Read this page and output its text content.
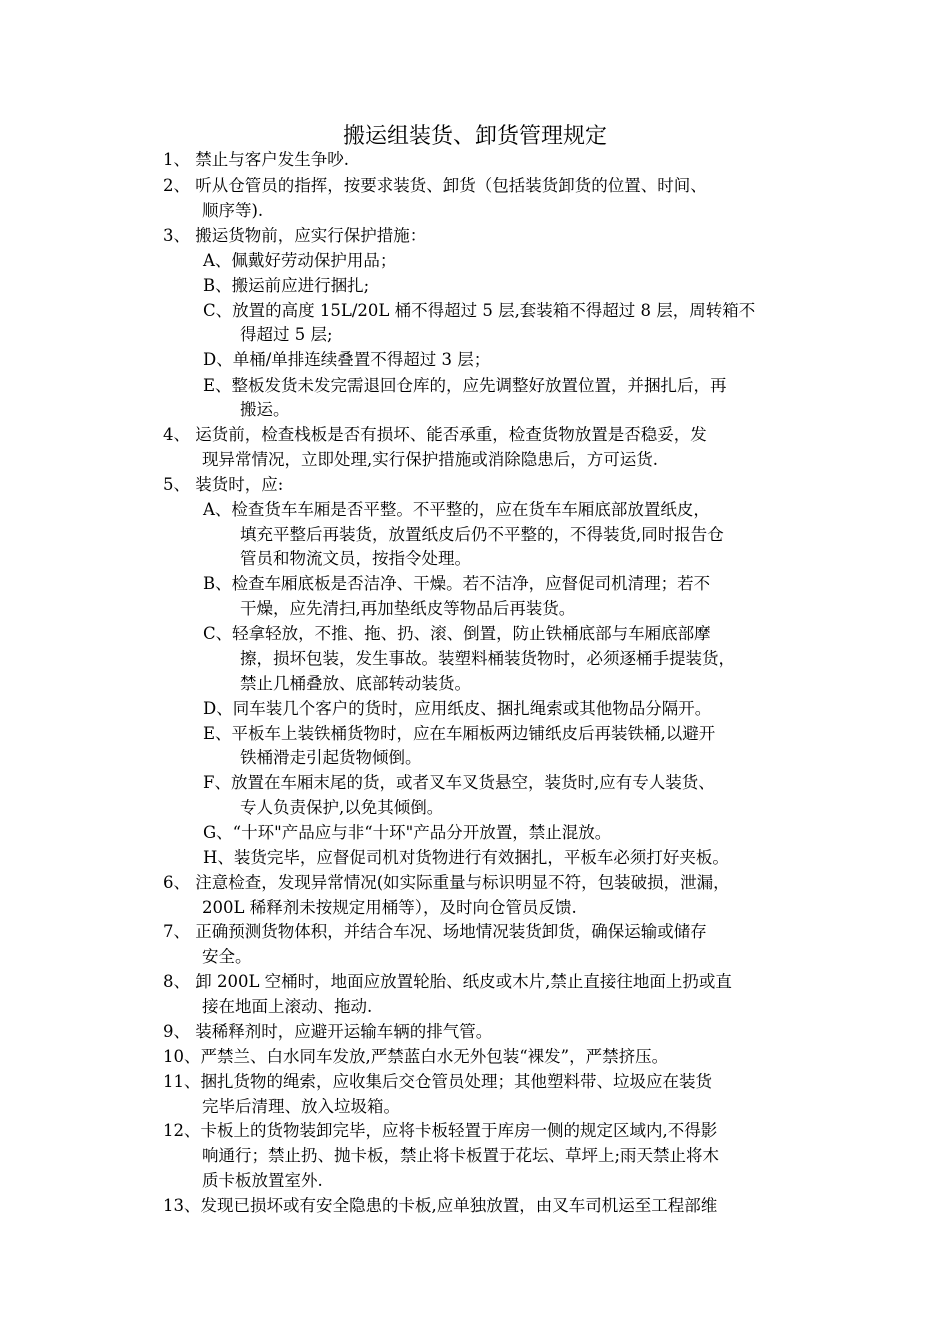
搬运组装货、卸货管理规定
1、 禁止与客户发生争吵.
2、 听从仓管员的指挥，按要求装货、卸货（包括装货卸货的位置、时间、
顺序等).
3、 搬运货物前，应实行保护措施：
A、佩戴好劳动保护用品；
B、搬运前应进行捆扎;
C、放置的高度 15L/20L 桶不得超过 5 层,套装箱不得超过 8 层，周转箱不
得超过 5 层;
D、单桶/单排连续叠置不得超过 3 层；
E、整板发货未发完需退回仓库的，应先调整好放置位置，并捆扎后，再
搬运。
4、 运货前，检查栈板是否有损坏、能否承重，检查货物放置是否稳妥，发
现异常情况，立即处理,实行保护措施或消除隐患后，方可运货.
5、 装货时，应:
A、检查货车车厢是否平整。不平整的，应在货车车厢底部放置纸皮，
填充平整后再装货，放置纸皮后仍不平整的，不得装货,同时报告仓
管员和物流文员，按指令处理。
B、检查车厢底板是否洁净、干燥。若不洁净，应督促司机清理；若不
干燥，应先清扫,再加垫纸皮等物品后再装货。
C、轻拿轻放，不推、拖、扔、滚、倒置，防止铁桶底部与车厢底部摩
擦，损坏包装，发生事故。装塑料桶装货物时，必须逐桶手提装货，
禁止几桶叠放、底部转动装货。
D、同车装几个客户的货时，应用纸皮、捆扎绳索或其他物品分隔开。
E、平板车上装铁桶货物时，应在车厢板两边铺纸皮后再装铁桶,以避开
铁桶滑走引起货物倾倒。
F、放置在车厢末尾的货，或者叉车叉货悬空，装货时,应有专人装货、
专人负责保护,以免其倾倒。
G、“十环"产品应与非“十环"产品分开放置，禁止混放。
H、装货完毕，应督促司机对货物进行有效捆扎，平板车必须打好夹板。
6、 注意检查，发现异常情况(如实际重量与标识明显不符，包装破损，泄漏，
200L 稀释剂未按规定用桶等），及时向仓管员反馈.
7、 正确预测货物体积，并结合车况、场地情况装货卸货，确保运输或储存
安全。
8、 卸 200L 空桶时，地面应放置轮胎、纸皮或木片,禁止直接往地面上扔或直
接在地面上滚动、拖动.
9、 装稀释剂时，应避开运输车辆的排气管。
10、严禁兰、白水同车发放,严禁蓝白水无外包装“裸发”，严禁挤压。
11、捆扎货物的绳索，应收集后交仓管员处理；其他塑料带、垃圾应在装货
完毕后清理、放入垃圾箱。
12、卡板上的货物装卸完毕，应将卡板轻置于库房一侧的规定区域内,不得影
响通行；禁止扔、抛卡板，禁止将卡板置于花坛、草坪上;雨天禁止将木
质卡板放置室外.
13、发现已损坏或有安全隐患的卡板,应单独放置，由叉车司机运至工程部维
